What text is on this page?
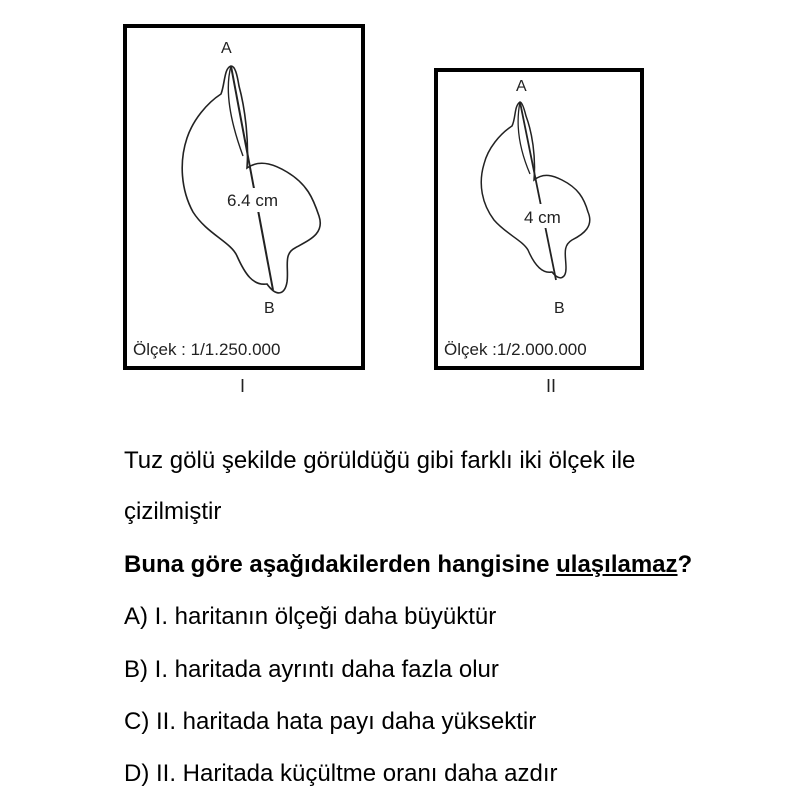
A
6.4 cm
B
Ölçek : 1/1.250.000
I
A
4 cm
B
Ölçek :1/2.000.000
II
Tuz gölü şekilde görüldüğü gibi farklı iki ölçek ile
çizilmiştir
Buna göre aşağıdakilerden hangisine ulaşılamaz?
A) I. haritanın ölçeği daha büyüktür
B) I. haritada ayrıntı daha fazla olur
C) II. haritada hata payı daha yüksektir
D) II. Haritada küçültme oranı daha azdır
